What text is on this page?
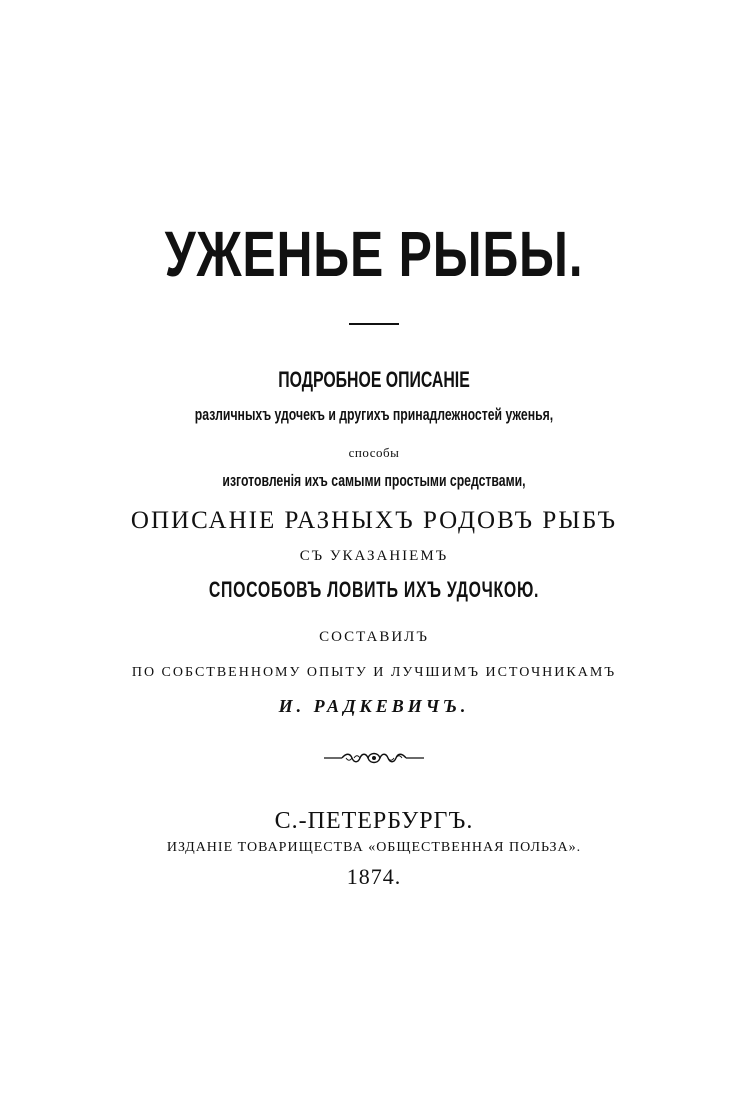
УЖЕНЬЕ РЫБЫ.
ПОДРОБНОЕ ОПИСАНІЕ
различныхъ удочекъ и другихъ принадлежностей уженья,
способы
изготовленія ихъ самыми простыми средствами,
ОПИСАНІЕ РАЗНЫХЪ РОДОВЪ РЫБЪ
СЪ УКАЗАНІЕМЪ
СПОСОБОВЪ ЛОВИТЬ ИХЪ УДОЧКОЮ.
СОСТАВИЛЪ
ПО СОБСТВЕННОМУ ОПЫТУ И ЛУЧШИМЪ ИСТОЧНИКАМЪ
И. РАДКЕВИЧЪ.
С.-ПЕТЕРБУРГЪ.
ИЗДАНІЕ ТОВАРИЩЕСТВА «ОБЩЕСТВЕННАЯ ПОЛЬЗА».
1874.
